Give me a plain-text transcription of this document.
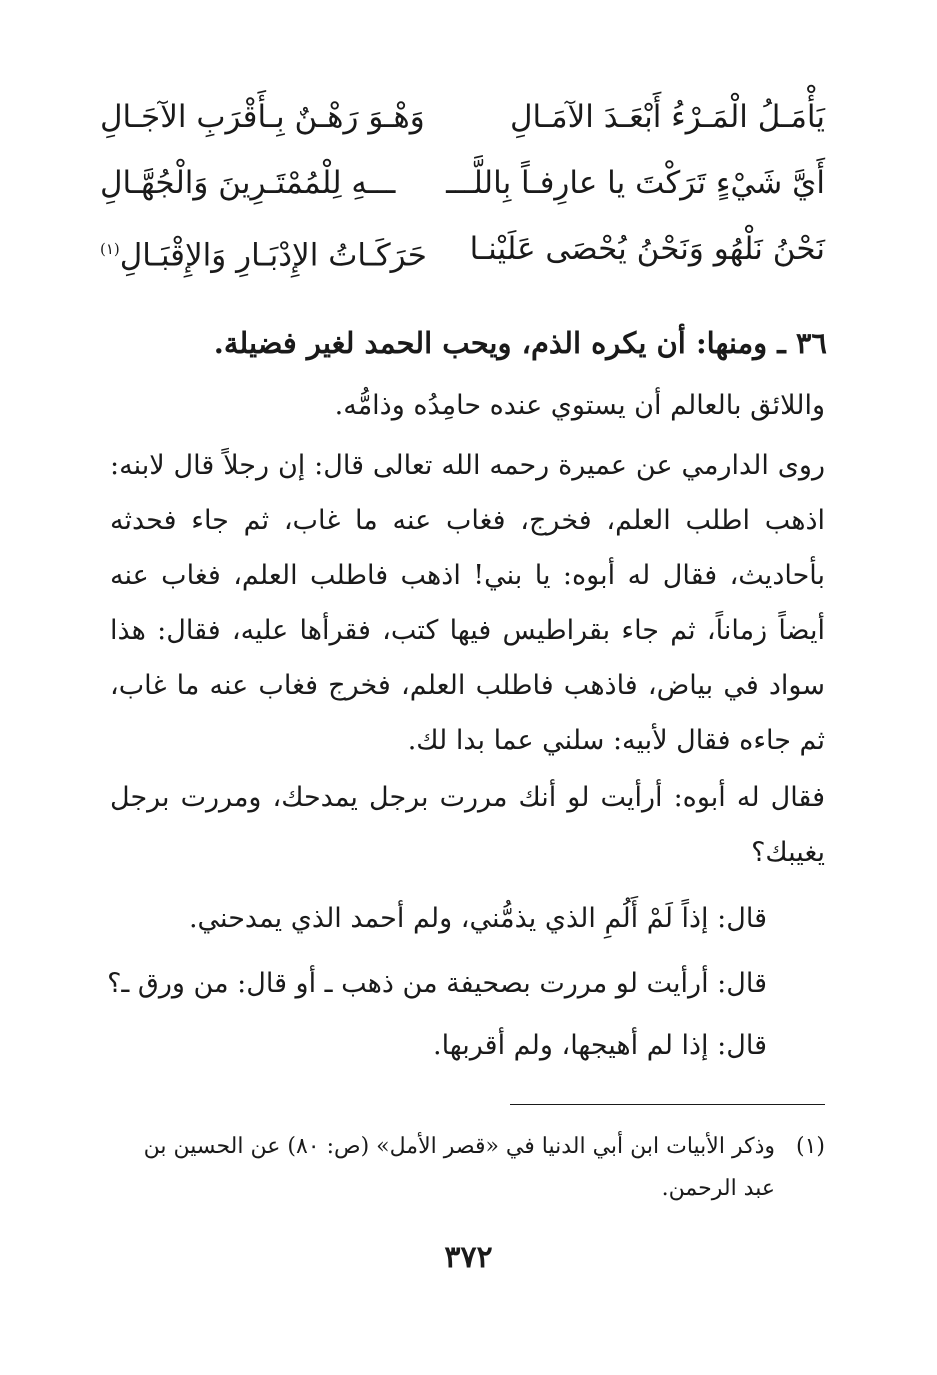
يَأْمَـلُ الْمَـرْءُ أَبْعَـدَ الآمَـالِ
وَهْـوَ رَهْـنٌ بِـأَقْرَبِ الآجَـالِ
أَيَّ شَيْءٍ تَرَكْتَ يا عارِفـاً بِاللَّـــ
ـــهِ لِلْمُمْتَـرِينَ وَالْجُهَّـالِ
نَحْنُ نَلْهُو وَنَحْنُ يُحْصَى عَلَيْنـا
حَرَكَـاتُ الإِدْبَـارِ وَالإِقْبَـالِ$^{(١)}$
٣٦ ـ ومنها: أن يكره الذم، ويحب الحمد لغير فضيلة.
واللائق بالعالم أن يستوي عنده حامِدُه وذامُّه.
روى الدارمي عن عميرة رحمه الله تعالى قال: إن رجلاً قال لابنه: اذهب اطلب العلم، فخرج، فغاب عنه ما غاب، ثم جاء فحدثه بأحاديث، فقال له أبوه: يا بني! اذهب فاطلب العلم، فغاب عنه أيضاً زماناً، ثم جاء بقراطيس فيها كتب، فقرأها عليه، فقال: هذا سواد في بياض، فاذهب فاطلب العلم، فخرج فغاب عنه ما غاب، ثم جاءه فقال لأبيه: سلني عما بدا لك.
فقال له أبوه: أرأيت لو أنك مررت برجل يمدحك، ومررت برجل يغيبك؟
قال: إذاً لَمْ أَلُمِ الذي يذمُّني، ولم أحمد الذي يمدحني.
قال: أرأيت لو مررت بصحيفة من ذهب ـ أو قال: من ورق ـ؟
قال: إذا لم أهيجها، ولم أقربها.
(١)وذكر الأبيات ابن أبي الدنيا في «قصر الأمل» (ص: ٨٠) عن الحسين بن
عبد الرحمن.
٣٧٢
